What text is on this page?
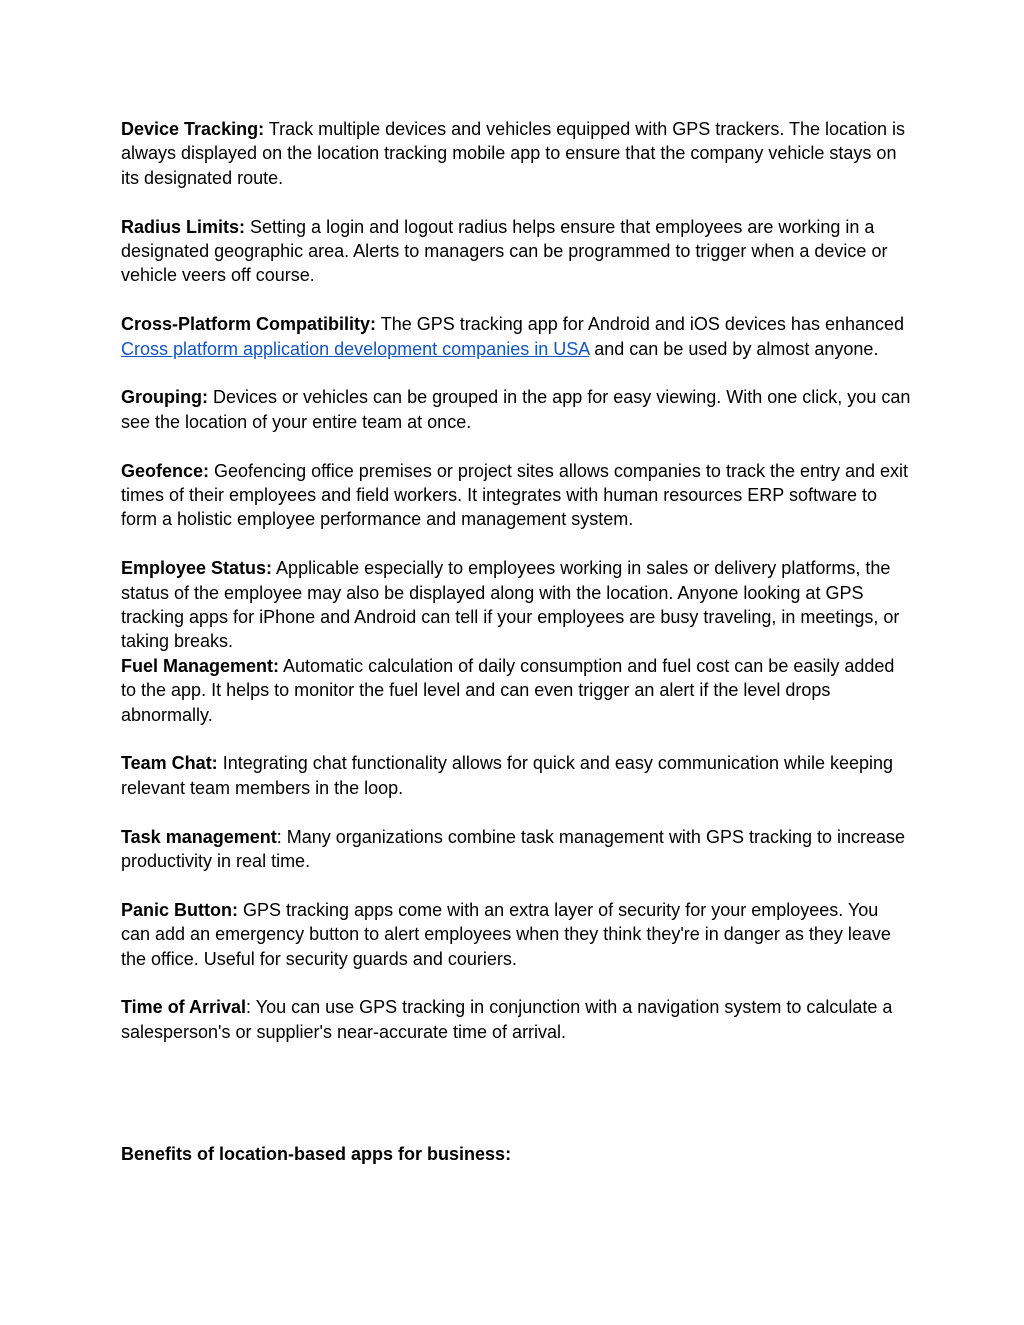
Device Tracking: Track multiple devices and vehicles equipped with GPS trackers. The location is always displayed on the location tracking mobile app to ensure that the company vehicle stays on its designated route.

Radius Limits: Setting a login and logout radius helps ensure that employees are working in a designated geographic area. Alerts to managers can be programmed to trigger when a device or vehicle veers off course.

Cross-Platform Compatibility: The GPS tracking app for Android and iOS devices has enhanced Cross platform application development companies in USA and can be used by almost anyone.

Grouping: Devices or vehicles can be grouped in the app for easy viewing. With one click, you can see the location of your entire team at once.

Geofence: Geofencing office premises or project sites allows companies to track the entry and exit times of their employees and field workers. It integrates with human resources ERP software to form a holistic employee performance and management system.

Employee Status: Applicable especially to employees working in sales or delivery platforms, the status of the employee may also be displayed along with the location. Anyone looking at GPS tracking apps for iPhone and Android can tell if your employees are busy traveling, in meetings, or taking breaks.

Fuel Management: Automatic calculation of daily consumption and fuel cost can be easily added to the app. It helps to monitor the fuel level and can even trigger an alert if the level drops abnormally.

Team Chat: Integrating chat functionality allows for quick and easy communication while keeping relevant team members in the loop.

Task management: Many organizations combine task management with GPS tracking to increase productivity in real time.

Panic Button: GPS tracking apps come with an extra layer of security for your employees. You can add an emergency button to alert employees when they think they're in danger as they leave the office. Useful for security guards and couriers.

Time of Arrival: You can use GPS tracking in conjunction with a navigation system to calculate a salesperson's or supplier's near-accurate time of arrival.

Benefits of location-based apps for business:
